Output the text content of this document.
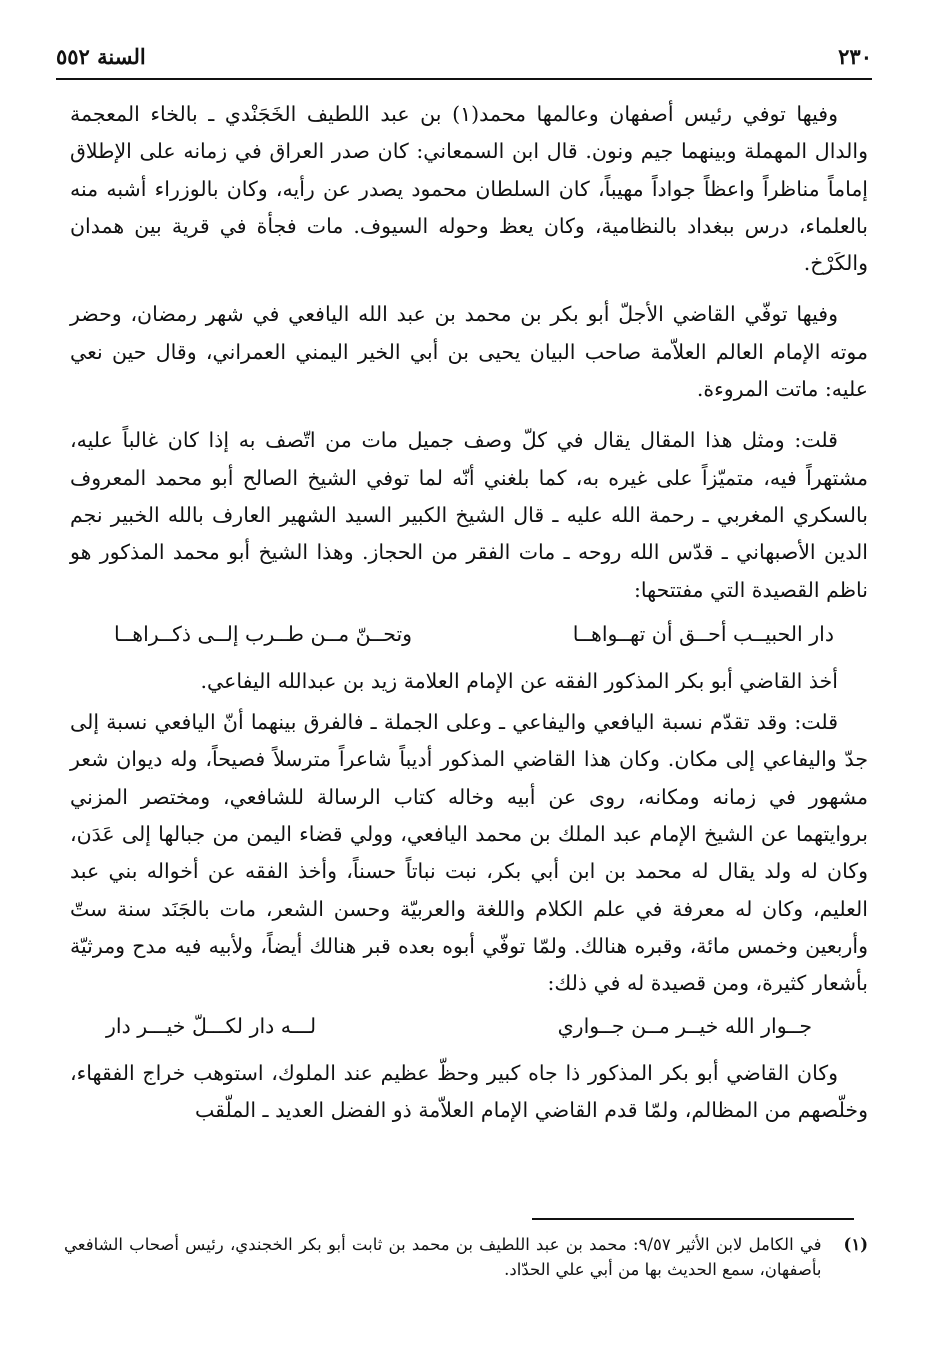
السنة ٥٥٢	٢٣٠

وفيها توفي رئيس أصفهان وعالمها محمد(١) بن عبد اللطيف الخَجَنْدي ـ بالخاء المعجمة والدال المهملة وبينهما جيم ونون. قال ابن السمعاني: كان صدر العراق في زمانه على الإطلاق إماماً مناظراً واعظاً جواداً مهيباً، كان السلطان محمود يصدر عن رأيه، وكان بالوزراء أشبه منه بالعلماء، درس ببغداد بالنظامية، وكان يعظ وحوله السيوف. مات فجأة في قرية بين همدان والكَرْخ.

وفيها توفّي القاضي الأجلّ أبو بكر بن محمد بن عبد الله اليافعي في شهر رمضان، وحضر موته الإمام العالم العلاّمة صاحب البيان يحيى بن أبي الخير اليمني العمراني، وقال حين نعي عليه: ماتت المروءة.

قلت: ومثل هذا المقال يقال في كلّ وصف جميل مات من اتّصف به إذا كان غالباً عليه، مشتهراً فيه، متميّزاً على غيره به، كما بلغني أنّه لما توفي الشيخ الصالح أبو محمد المعروف بالسكري المغربي ـ رحمة الله عليه ـ قال الشيخ الكبير السيد الشهير العارف بالله الخبير نجم الدين الأصبهاني ـ قدّس الله روحه ـ مات الفقر من الحجاز. وهذا الشيخ أبو محمد المذكور هو ناظم القصيدة التي مفتتحها:

دار الحبيــب أحــق أن تهــواهــا
وتحــنّ مــن طــرب إلــى ذكــراهــا

أخذ القاضي أبو بكر المذكور الفقه عن الإمام العلامة زيد بن عبدالله اليفاعي.

قلت: وقد تقدّم نسبة اليافعي واليفاعي ـ وعلى الجملة ـ فالفرق بينهما أنّ اليافعي نسبة إلى جدّ واليفاعي إلى مكان. وكان هذا القاضي المذكور أديباً شاعراً مترسلاً فصيحاً، وله ديوان شعر مشهور في زمانه ومكانه، روى عن أبيه وخاله كتاب الرسالة للشافعي، ومختصر المزني بروايتهما عن الشيخ الإمام عبد الملك بن محمد اليافعي، وولي قضاء اليمن من جبالها إلى عَدَن، وكان له ولد يقال له محمد بن ابن أبي بكر، نبت نباتاً حسناً، وأخذ الفقه عن أخواله بني عبد العليم، وكان له معرفة في علم الكلام واللغة والعربيّة وحسن الشعر، مات بالجَنَد سنة ستّ وأربعين وخمس مائة، وقبره هنالك. ولمّا توفّي أبوه بعده قبر هنالك أيضاً، ولأبيه فيه مدح ومرثيّة بأشعار كثيرة، ومن قصيدة له في ذلك:

جــوار الله خيــر مــن جــواري
لـــه دار لكـــلّ خيـــر دار

وكان القاضي أبو بكر المذكور ذا جاه كبير وحظّ عظيم عند الملوك، استوهب خراج الفقهاء، وخلّصهم من المظالم، ولمّا قدم القاضي الإمام العلاّمة ذو الفضل العديد ـ الملّقب

(١)
في الكامل لابن الأثير ٩/٥٧: محمد بن عبد اللطيف بن محمد بن ثابت أبو بكر الخجندي، رئيس أصحاب الشافعي بأصفهان، سمع الحديث بها من أبي علي الحدّاد.
